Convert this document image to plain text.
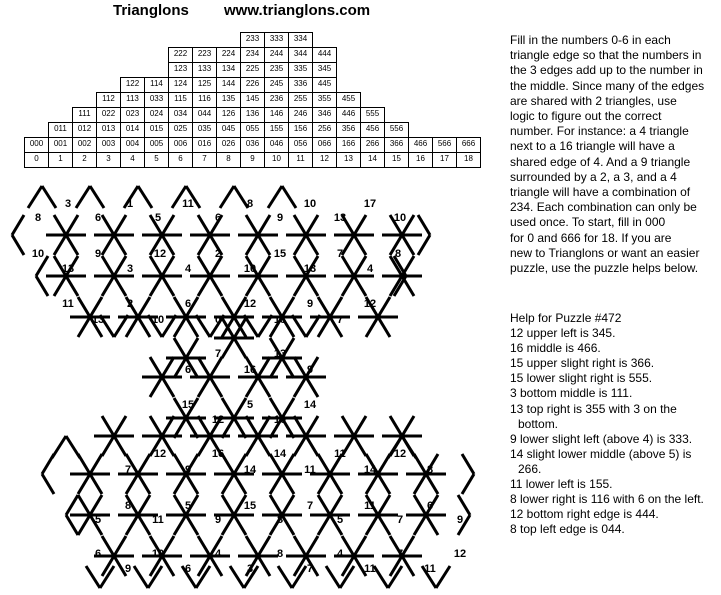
Trianglons www.trianglons.com
233	333	334
222	223	224	234	244	344	444
123	133	134	225	235	335	345
122	114	124	125	144	226	245	336	445
112	113	033	115	116	135	145	236	255	355	455
111	022	023	024	034	044	126	136	146	246	346	446	555
011	012	013	014	015	025	035	045	055	155	156	256	356	456	556
000	001	002	003	004	005	006	016	026	036	046	056	066	166	266	366	466	566	666
0	1	2	3	4	5	6	7	8	9	10	11	12	13	14	15	16	17	18
3	1	11	8	10	17
8	6	5	6	9	13	10
10	9	12	2	15	7	8
13	3	4	10	13	4
11	2	6	12	9	12
13	10	0	18	7
7	13
6	16	9
15	5	14
12	10
12	16	14	11	12
7	9	14	11	14	8
8	5	15	7	11	6
5	11	9	8	5	7	9
6	10	4	8	4	7	12
9	6	3	7	11	11
Fill in the numbers 0-6 in each
triangle edge so that the numbers in
the 3 edges add up to the number in
the middle. Since many of the edges
are shared with 2 triangles, use
logic to figure out the correct
number. For instance: a 4 triangle
next to a 16 triangle will have a
shared edge of 4. And a 9 triangle
surrounded by a 2, a 3, and a 4
triangle will have a combination of
234. Each combination can only be
used once. To start, fill in 000
for 0 and 666 for 18. If you are
new to Trianglons or want an easier
puzzle, use the puzzle helps below.
Help for Puzzle #472
12 upper left is 345.
16 middle is 466.
15 upper slight right is 366.
15 lower slight right is 555.
3 bottom middle is 111.
13 top right is 355 with 3 on the bottom.
9 lower slight left (above 4) is 333.
14 slight lower middle (above 5) is 266.
11 lower left is 155.
8 lower right is 116 with 6 on the left.
12 bottom right edge is 444.
8 top left edge is 044.
